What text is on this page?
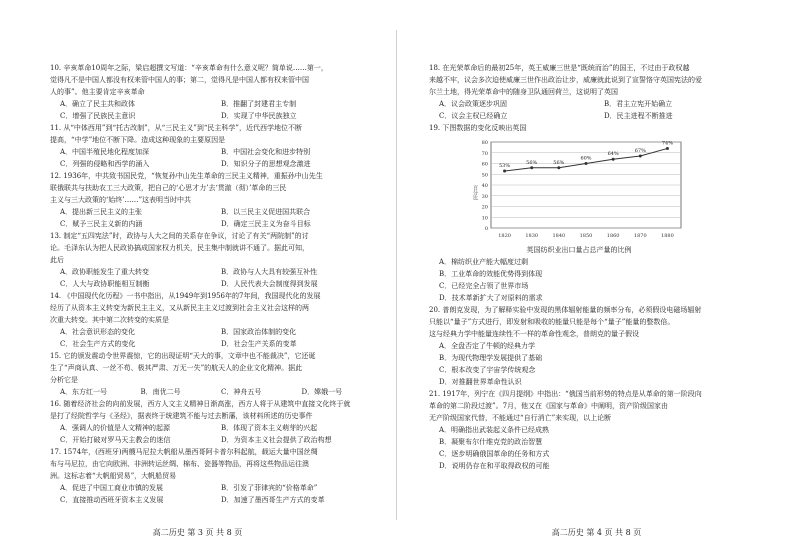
10. 辛亥革命10周年之际，梁启超撰文写道：“辛亥革命有什么意义呢？简单说……第一，
觉得凡不是中国人都没有权来管中国人的事；第二，觉得凡是中国人都有权来管中国
人的事”。他主要肯定辛亥革命
A．确立了民主共和政体	B．推翻了封建君主专制
C．增强了民族民主意识	D．实现了中华民族独立
11. 从“中体西用”到“托古改制”，从“三民主义”到“民主科学”，近代西学地位不断
提高，“中学”地位不断下降。造成这种现象的主要原因是
A．中国半殖民地化程度加深	B．中国社会变化和进步特别
C．列强的侵略和西学的涌入	D．知识分子的思想观念激进
12. 1936年，中共致书国民党，“恢复孙中山先生革命的三民主义精神，重振孙中山先生
联俄联共与扶助农工三大政策，把自己的‘心思才力’去‘贯澈（彻）’革命的三民
主义与三大政策的‘始终’……”这表明当时中共
A．提出新三民主义的主张	B．以三民主义促进国共联合
C．赋予三民主义新的内涵	D．确定三民主义为奋斗目标
13. 制定“五四宪法”时，政协与人大之间的关系存在争议，讨论了有关“两院制”的讨
论。毛泽东认为把人民政协搞成国家权力机关，民主集中制就讲不通了。据此可知，
此后
A．政协职能发生了重大转变	B．政协与人大具有较强互补性
C．人大与政协职能相互制衡	D．人民代表大会制度得到发展
14. 《中国现代化历程》一书中指出，从1949年到1956年的7年间，我国现代化的发展
经历了从资本主义转变为新民主主义，又从新民主主义过渡到社会主义社会这样的两
次重大转变。其中第二次转变的实质是
A．社会意识形态的变化	B．国家政治体制的变化
C．社会生产方式的变化	D．社会生产关系的变革
15. 它的颁发震动令世界震惊，它的出现证明“天大的事，文章中也不能裁决”，它还诞
生了“声商认真、一丝不苟、极其严肃、万无一失”的航天人的企业文化精神。据此
分析它是
A．东方红一号	B．南优二号	C．神舟五号	D．嫦娥一号
16. 随着经济社会的向前发展，西方人文主义精神日渐高涨，西方人将于从建筑中直接文化终于就
是打了经院哲学与《圣经》，据表终于统建筑不能与过去断藩，该材料所述的历史事件
A．强调人的价值是人文精神的起源	B．体现了资本主义萌芽的兴起
C．开始打破对罗马天主教会的迷信	D．为资本主义社会提供了政治构想
17. 1574年，(西班牙)两艘马尼拉大帆船从墨西哥阿卡普尔科起航，载运大量中国丝绸
布与马尼拉，由它向欧洲、非洲转运丝绸、棉布、瓷器等物品，再将这些物品运往澳
洲。这标志着“大帆船贸易”，大帆船贸易
A．促进了中国工商业市镇的发展	B．引发了菲律宾的“价格革命”
C．直接推动西班牙资本主义发展	D．加速了墨西哥生产方式的变革
高二历史 第 3 页 共 8 页
18. 在光荣革命后的最初25年，英王威廉三世是“既统而治”的国王，不过由于政权越
来越不牢，议会多次迫使威廉三世作出政治让步，威廉就此说到了宣誓恪守英国宪法的爱
尔兰土地，得光荣革命中的随身卫队通回荷兰，这说明了英国
A．议会政策逐步巩固	B．君主立宪开始确立
C．议会主权已经确立	D．民主进程不断推进
19. 下图数据的变化反映出英国
80
70
60
50
40
30
20
10
0
百分比
53%
56%	56%
60%
64%
67%
74%
1820	1830	1840	1850	1860	1870	1880
英国纺织业出口量占总产量的比例
A．棉纺织业产能大幅度过剩
B．工业革命的效能优势得到体现
C．已经完全占领了世界市场
D．技术革新扩大了对原料的需求
20. 普朗克发现，为了解释实验中发现的黑体辐射能量的频率分布，必须假设电磁场辐射
只能以“量子”方式进行，即发射和吸收的能量只能是每个“量子”能量的整数倍。
这与经典力学中能量连续性不一样的革命性观念，普朗克的量子假设
A．全盘否定了牛顿的经典力学
B．为现代物理学发展提供了基础
C．根本改变了宇宙学传统观念
D．对推翻世界革命性认识
21. 1917年，列宁在《四月提纲》中指出：“俄国当前形势的特点是从革命的第一阶段向
革命的第二阶段过渡”。7月，他又在《国家与革命》中阐明，资产阶级国家由
无产阶级国家代替，不能通过“自行消亡”来实现，以上论断
A．明确指出武装起义条件已经成熟
B．凝聚布尔什维克党的政治智慧
C．逐步明确俄国革命的任务和方式
D．说明仍存在和平取得政权的可能
高二历史 第 4 页 共 8 页
